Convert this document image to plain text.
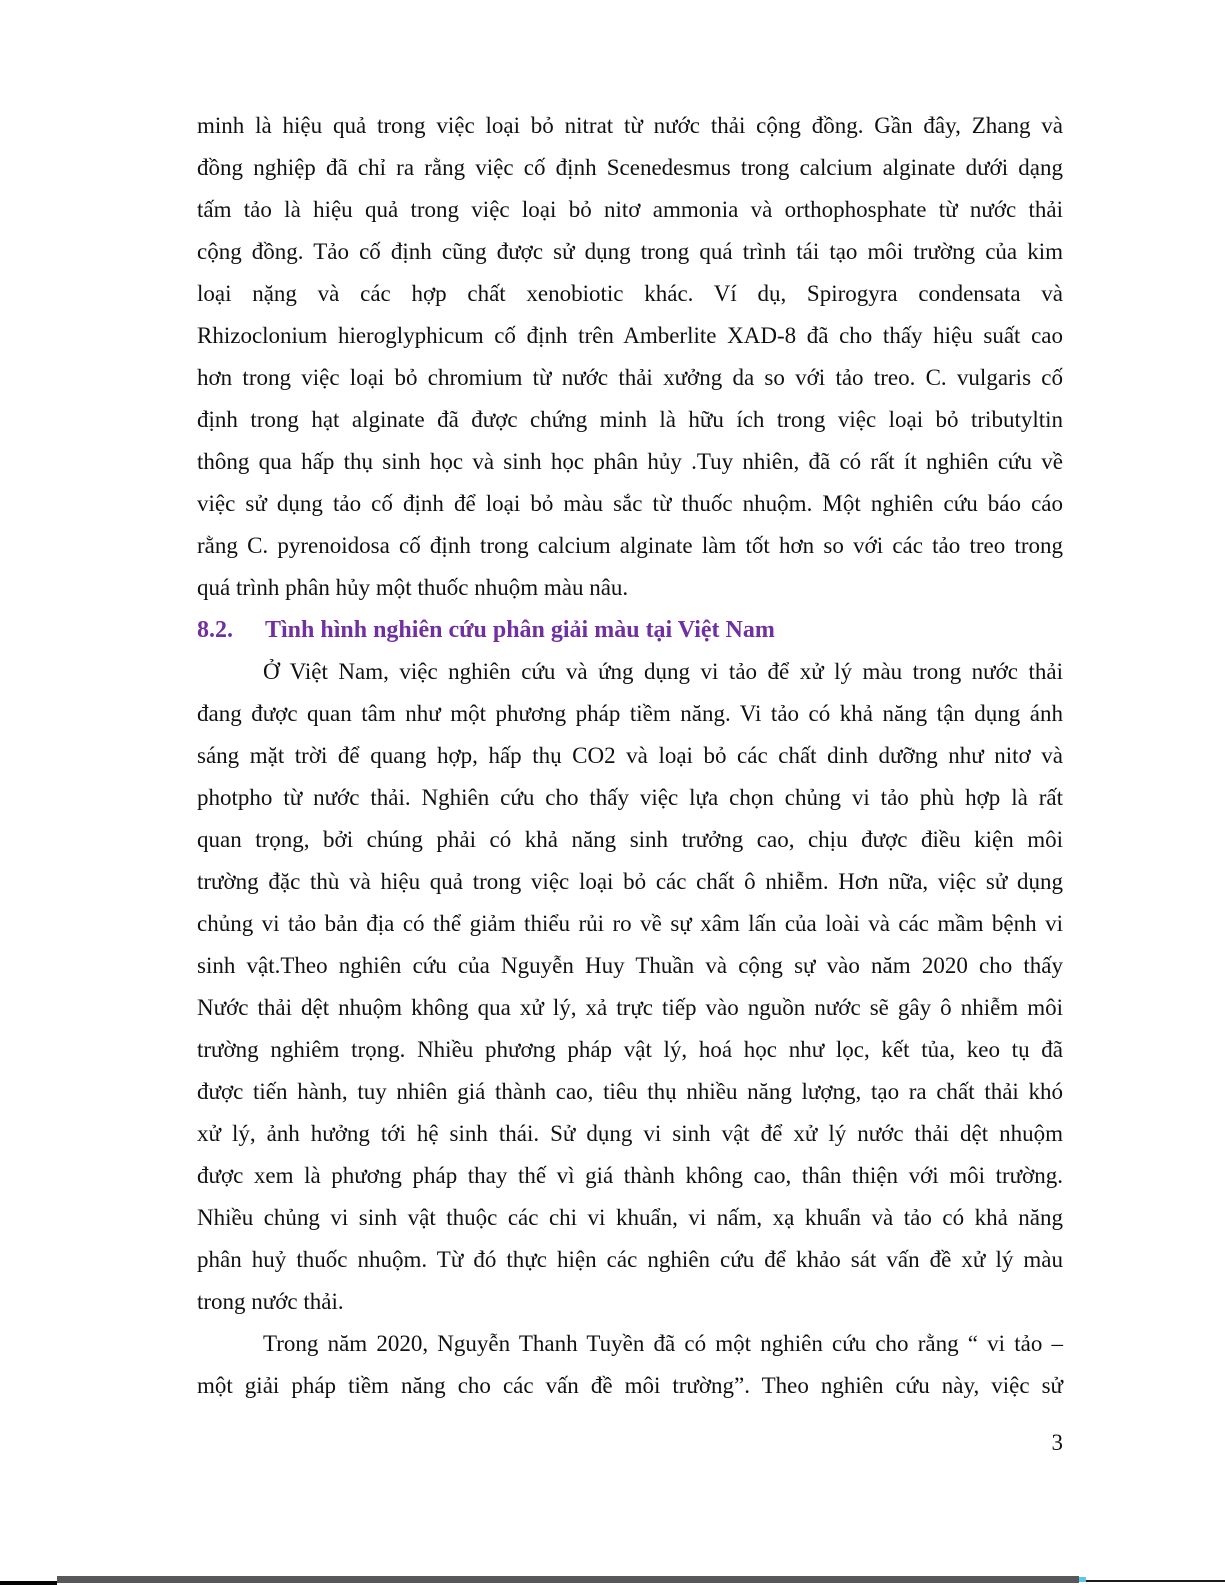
minh là hiệu quả trong việc loại bỏ nitrat từ nước thải cộng đồng. Gần đây, Zhang và
đồng nghiệp đã chỉ ra rằng việc cố định Scenedesmus trong calcium alginate dưới dạng
tấm tảo là hiệu quả trong việc loại bỏ nitơ ammonia và orthophosphate từ nước thải
cộng đồng. Tảo cố định cũng được sử dụng trong quá trình tái tạo môi trường của kim
loại nặng và các hợp chất xenobiotic khác. Ví dụ, Spirogyra condensata và
Rhizoclonium hieroglyphicum cố định trên Amberlite XAD-8 đã cho thấy hiệu suất cao
hơn trong việc loại bỏ chromium từ nước thải xưởng da so với tảo treo. C. vulgaris cố
định trong hạt alginate đã được chứng minh là hữu ích trong việc loại bỏ tributyltin
thông qua hấp thụ sinh học và sinh học phân hủy .Tuy nhiên, đã có rất ít nghiên cứu về
việc sử dụng tảo cố định để loại bỏ màu sắc từ thuốc nhuộm. Một nghiên cứu báo cáo
rằng C. pyrenoidosa cố định trong calcium alginate làm tốt hơn so với các tảo treo trong
quá trình phân hủy một thuốc nhuộm màu nâu.
8.2. Tình hình nghiên cứu phân giải màu tại Việt Nam
Ở Việt Nam, việc nghiên cứu và ứng dụng vi tảo để xử lý màu trong nước thải
đang được quan tâm như một phương pháp tiềm năng. Vi tảo có khả năng tận dụng ánh
sáng mặt trời để quang hợp, hấp thụ CO2 và loại bỏ các chất dinh dưỡng như nitơ và
photpho từ nước thải. Nghiên cứu cho thấy việc lựa chọn chủng vi tảo phù hợp là rất
quan trọng, bởi chúng phải có khả năng sinh trưởng cao, chịu được điều kiện môi
trường đặc thù và hiệu quả trong việc loại bỏ các chất ô nhiễm. Hơn nữa, việc sử dụng
chủng vi tảo bản địa có thể giảm thiểu rủi ro về sự xâm lấn của loài và các mầm bệnh vi
sinh vật.Theo nghiên cứu của Nguyễn Huy Thuần và cộng sự vào năm 2020 cho thấy
Nước thải dệt nhuộm không qua xử lý, xả trực tiếp vào nguồn nước sẽ gây ô nhiễm môi
trường nghiêm trọng. Nhiều phương pháp vật lý, hoá học như lọc, kết tủa, keo tụ đã
được tiến hành, tuy nhiên giá thành cao, tiêu thụ nhiều năng lượng, tạo ra chất thải khó
xử lý, ảnh hưởng tới hệ sinh thái. Sử dụng vi sinh vật để xử lý nước thải dệt nhuộm
được xem là phương pháp thay thế vì giá thành không cao, thân thiện với môi trường.
Nhiều chủng vi sinh vật thuộc các chi vi khuẩn, vi nấm, xạ khuẩn và tảo có khả năng
phân huỷ thuốc nhuộm. Từ đó thực hiện các nghiên cứu để khảo sát vấn đề xử lý màu
trong nước thải.
Trong năm 2020, Nguyễn Thanh Tuyền đã có một nghiên cứu cho rằng “ vi tảo –
một giải pháp tiềm năng cho các vấn đề môi trường”. Theo nghiên cứu này, việc sử
3
